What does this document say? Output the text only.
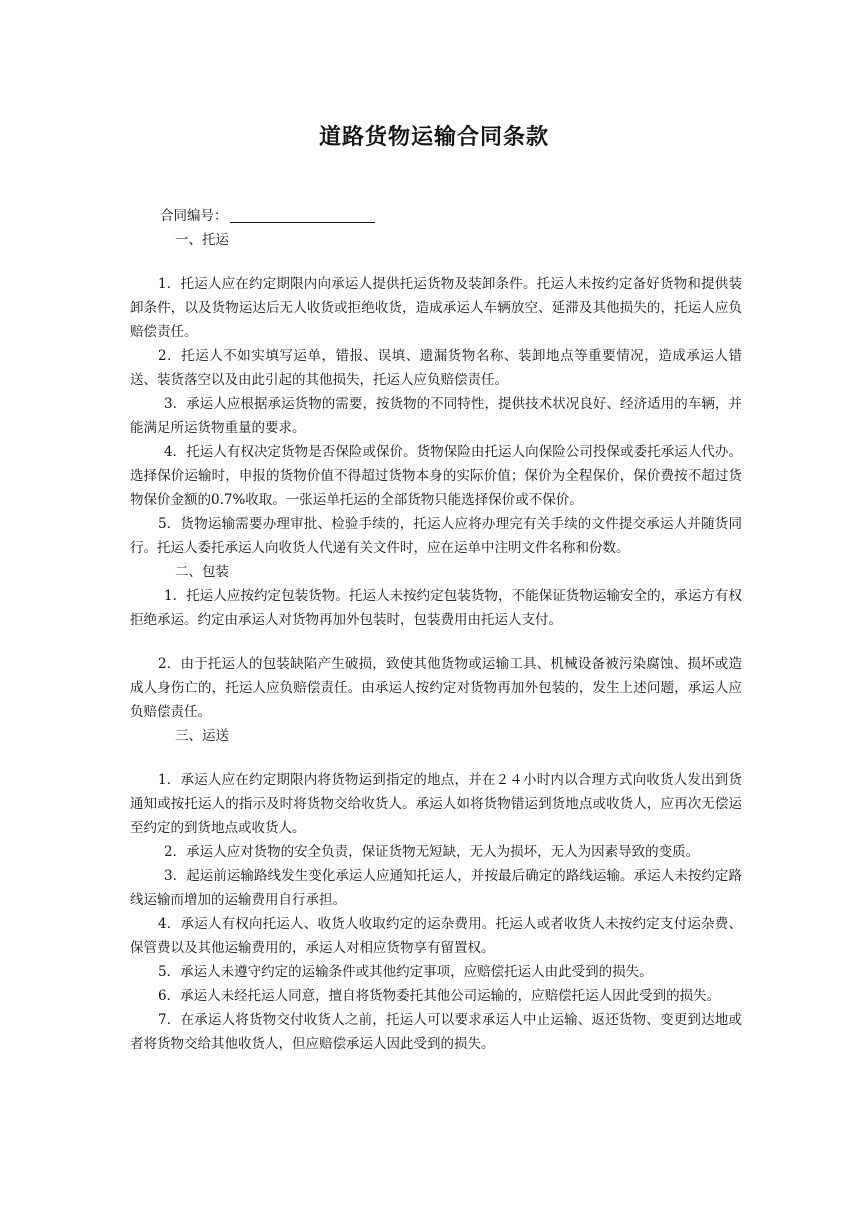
道路货物运输合同条款
合同编号：
一、托运
1．托运人应在约定期限内向承运人提供托运货物及装卸条件。托运人未按约定备好货物和提供装卸条件，以及货物运达后无人收货或拒绝收货，造成承运人车辆放空、延滞及其他损失的，托运人应负赔偿责任。
2．托运人不如实填写运单，错报、误填、遗漏货物名称、装卸地点等重要情况，造成承运人错送、装货落空以及由此引起的其他损失，托运人应负赔偿责任。
3．承运人应根据承运货物的需要，按货物的不同特性，提供技术状况良好、经济适用的车辆，并能满足所运货物重量的要求。
4．托运人有权决定货物是否保险或保价。货物保险由托运人向保险公司投保或委托承运人代办。选择保价运输时，申报的货物价值不得超过货物本身的实际价值；保价为全程保价，保价费按不超过货物保价金额的0.7%收取。一张运单托运的全部货物只能选择保价或不保价。
5．货物运输需要办理审批、检验手续的，托运人应将办理完有关手续的文件提交承运人并随货同行。托运人委托承运人向收货人代递有关文件时，应在运单中注明文件名称和份数。
二、包装
1．托运人应按约定包装货物。托运人未按约定包装货物，不能保证货物运输安全的，承运方有权拒绝承运。约定由承运人对货物再加外包装时，包装费用由托运人支付。
2．由于托运人的包装缺陷产生破损，致使其他货物或运输工具、机械设备被污染腐蚀、损坏或造成人身伤亡的，托运人应负赔偿责任。由承运人按约定对货物再加外包装的，发生上述问题，承运人应负赔偿责任。
三、运送
1．承运人应在约定期限内将货物运到指定的地点，并在２４小时内以合理方式向收货人发出到货通知或按托运人的指示及时将货物交给收货人。承运人如将货物错运到货地点或收货人，应再次无偿运至约定的到货地点或收货人。
2．承运人应对货物的安全负责，保证货物无短缺，无人为损坏，无人为因素导致的变质。
3．起运前运输路线发生变化承运人应通知托运人，并按最后确定的路线运输。承运人未按约定路线运输而增加的运输费用自行承担。
4．承运人有权向托运人、收货人收取约定的运杂费用。托运人或者收货人未按约定支付运杂费、保管费以及其他运输费用的，承运人对相应货物享有留置权。
5．承运人未遵守约定的运输条件或其他约定事项，应赔偿托运人由此受到的损失。
6．承运人未经托运人同意，擅自将货物委托其他公司运输的，应赔偿托运人因此受到的损失。
7．在承运人将货物交付收货人之前，托运人可以要求承运人中止运输、返还货物、变更到达地或者将货物交给其他收货人，但应赔偿承运人因此受到的损失。
